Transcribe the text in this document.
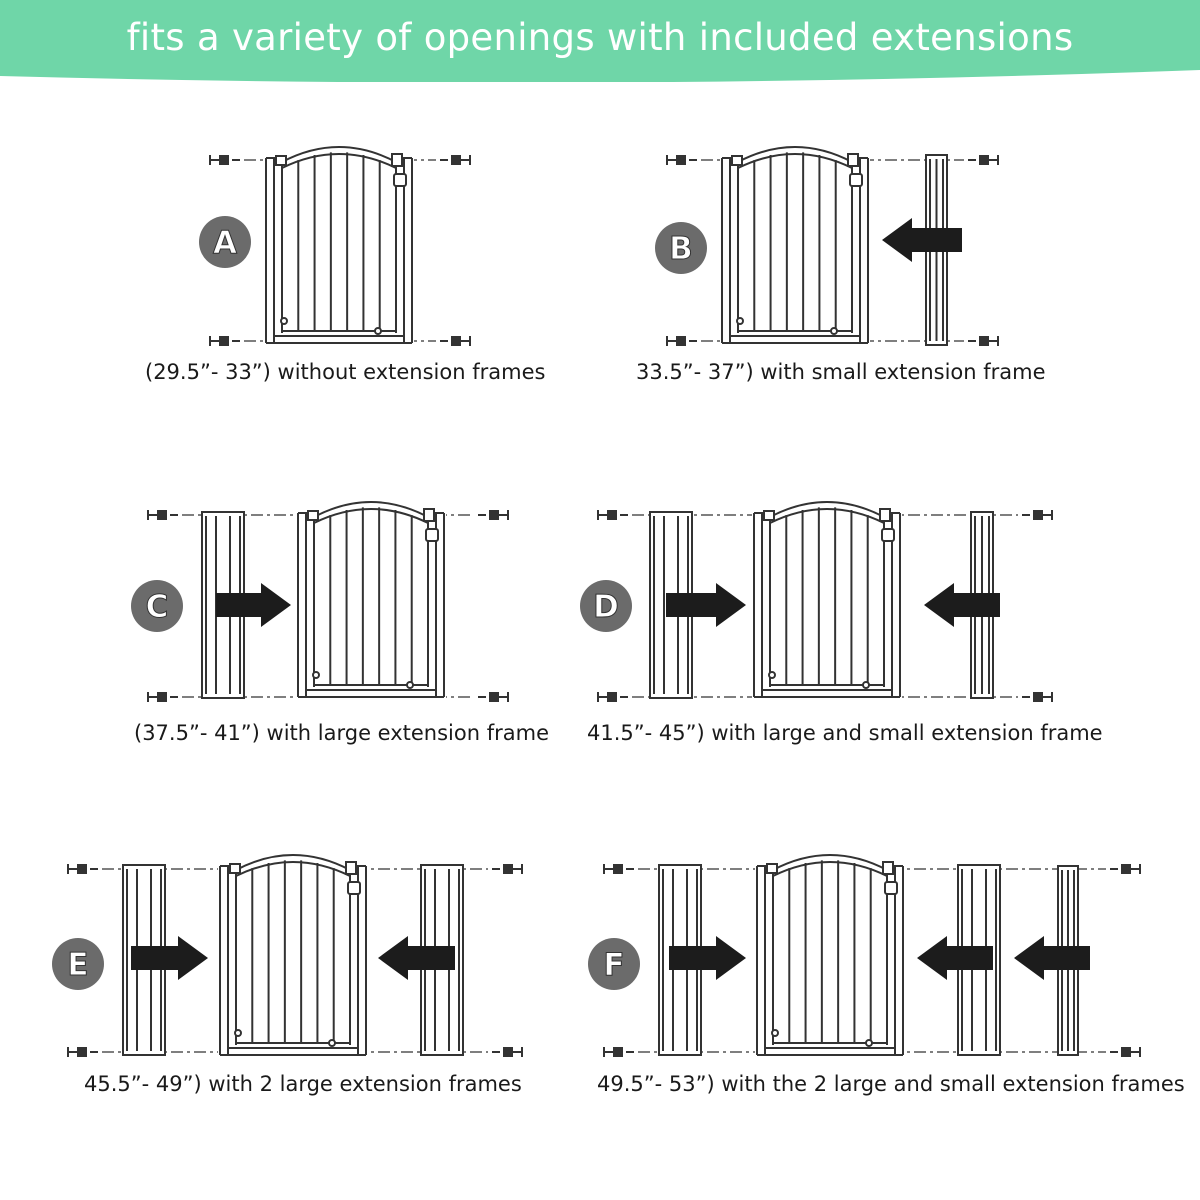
fits a variety of openings with included extensions
A	B
C	D
E	F
(29.5”- 33”) without extension frames	33.5”- 37”) with small extension frame
(37.5”- 41”) with large extension frame 41.5”- 45”) with large and small extension frame
45.5”- 49”) with 2 large extension frames	49.5”- 53”) with the 2 large and small extension frames
